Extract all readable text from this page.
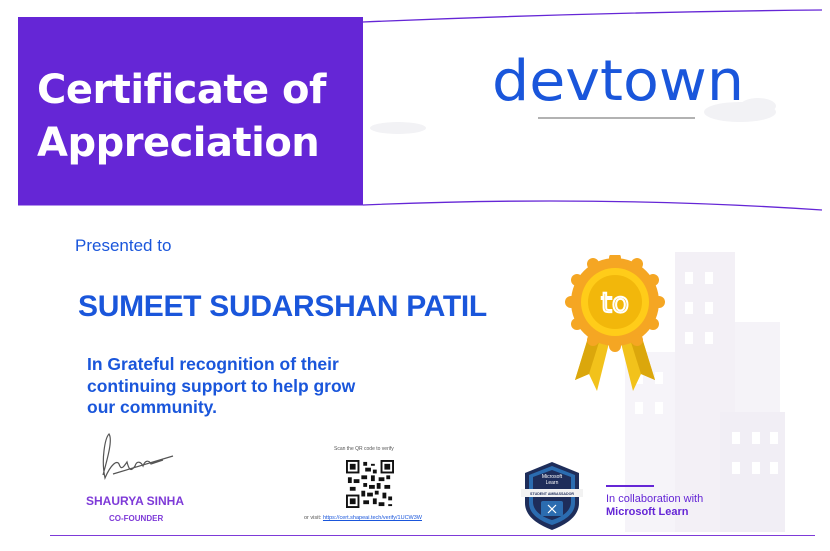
Certificate of
Appreciation
devtown
to
Presented to
SUMEET SUDARSHAN PATIL
In Grateful recognition of their continuing support to help grow our community.
SHAURYA SINHA
CO-FOUNDER
Scan the QR code to verify
or visit: https://cert.shapeai.tech/verify/1UCW3W
Microsoft
Learn
STUDENT AMBASSADOR	In collaboration with
Microsoft Learn
